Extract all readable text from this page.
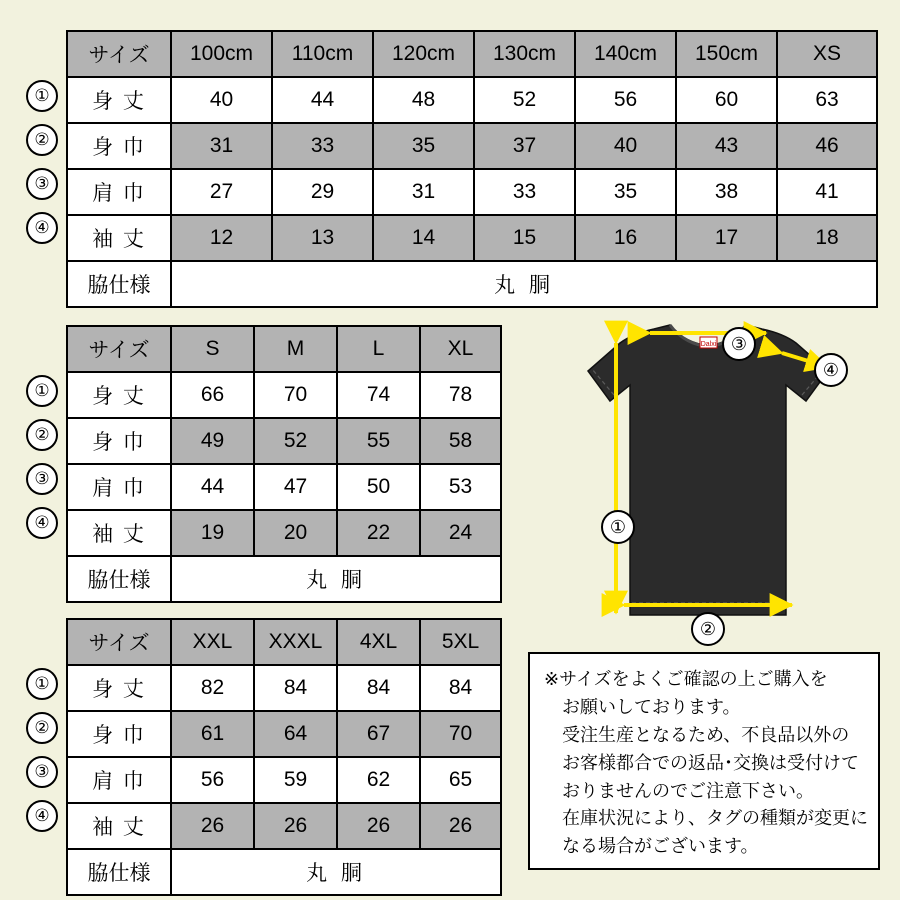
①
②
③
④
サイズ	100cm	110cm	120cm	130cm	140cm	150cm	XS
身 丈	40	44	48	52	56	60	63
身 巾	31	33	35	37	40	43	46
肩 巾	27	29	31	33	35	38	41
袖 丈	12	13	14	15	16	17	18
脇仕様	丸 胴						
①
②
③
④
サイズ	S	M	L	XL
身 丈	66	70	74	78
身 巾	49	52	55	58
肩 巾	44	47	50	53
袖 丈	19	20	22	24
脇仕様	丸 胴			
①
②
③
④
サイズ	XXL	XXXL	4XL	5XL
身 丈	82	84	84	84
身 巾	61	64	67	70
肩 巾	56	59	62	65
袖 丈	26	26	26	26
脇仕様	丸 胴			
Dalxi ③
④
①
②

※サイズをよくご確認の上ご購入を

お願いしております。

受注生産となるため、不良品以外の

お客様都合での返品･交換は受付けて

おりませんのでご注意下さい。

在庫状況により、タグの種類が変更に

なる場合がございます。
